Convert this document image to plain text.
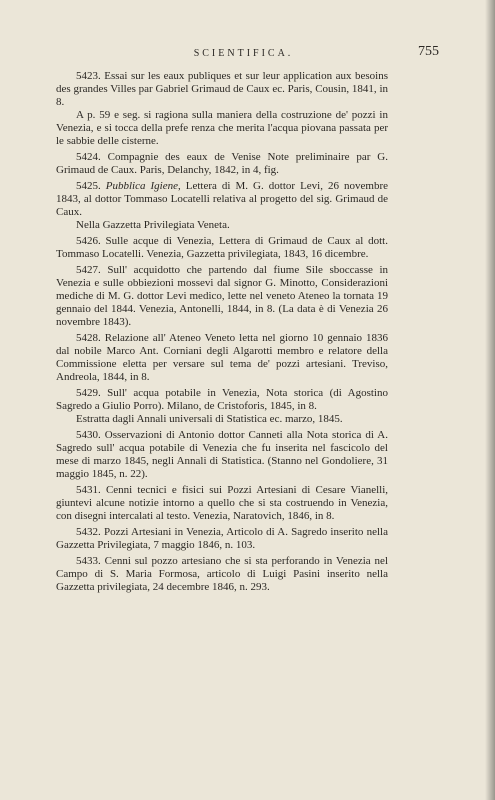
SCIENTIFICA.	755

5423. Essai sur les eaux publiques et sur leur application aux besoins des grandes Villes par Gabriel Grimaud de Caux ec. Paris, Cousin, 1841, in 8.

A p. 59 e seg. si ragiona sulla maniera della costruzione de' pozzi in Venezia, e si tocca della prefe renza che merita l'acqua piovana passata per le sabbie delle cisterne.

5424. Compagnie des eaux de Venise Note preliminaire par G. Grimaud de Caux. Paris, Delanchy, 1842, in 4, fig.

5425. Pubblica Igiene, Lettera di M. G. dottor Levi, 26 novembre 1843, al dottor Tommaso Locatelli relativa al progetto del sig. Grimaud de Caux.

Nella Gazzetta Privilegiata Veneta.

5426. Sulle acque di Venezia, Lettera di Grimaud de Caux al dott. Tommaso Locatelli. Venezia, Gazzetta privilegiata, 1843, 16 dicembre.

5427. Sull' acquidotto che partendo dal fiume Sile sboccasse in Venezia e sulle obbiezioni mossevi dal signor G. Minotto, Considerazioni mediche di M. G. dottor Levi medico, lette nel veneto Ateneo la tornata 19 gennaio del 1844. Venezia, Antonelli, 1844, in 8. (La data è di Venezia 26 novembre 1843).

5428. Relazione all' Ateneo Veneto letta nel giorno 10 gennaio 1836 dal nobile Marco Ant. Corniani degli Algarotti membro e relatore della Commissione eletta per versare sul tema de' pozzi artesiani. Treviso, Andreola, 1844, in 8.

5429. Sull' acqua potabile in Venezia, Nota storica (di Agostino Sagredo a Giulio Porro). Milano, de Cristoforis, 1845, in 8.

Estratta dagli Annali universali di Statistica ec. marzo, 1845.

5430. Osservazioni di Antonio dottor Canneti alla Nota storica di A. Sagredo sull' acqua potabile di Venezia che fu inserita nel fascicolo del mese di marzo 1845, negli Annali di Statistica. (Stanno nel Gondoliere, 31 maggio 1845, n. 22).

5431. Cenni tecnici e fisici sui Pozzi Artesiani di Cesare Vianelli, giuntevi alcune notizie intorno a quello che si sta costruendo in Venezia, con disegni intercalati al testo. Venezia, Naratovich, 1846, in 8.

5432. Pozzi Artesiani in Venezia, Articolo di A. Sagredo inserito nella Gazzetta Privilegiata, 7 maggio 1846, n. 103.

5433. Cenni sul pozzo artesiano che si sta perforando in Venezia nel Campo di S. Maria Formosa, articolo di Luigi Pasini inserito nella Gazzetta privilegiata, 24 decembre 1846, n. 293.
